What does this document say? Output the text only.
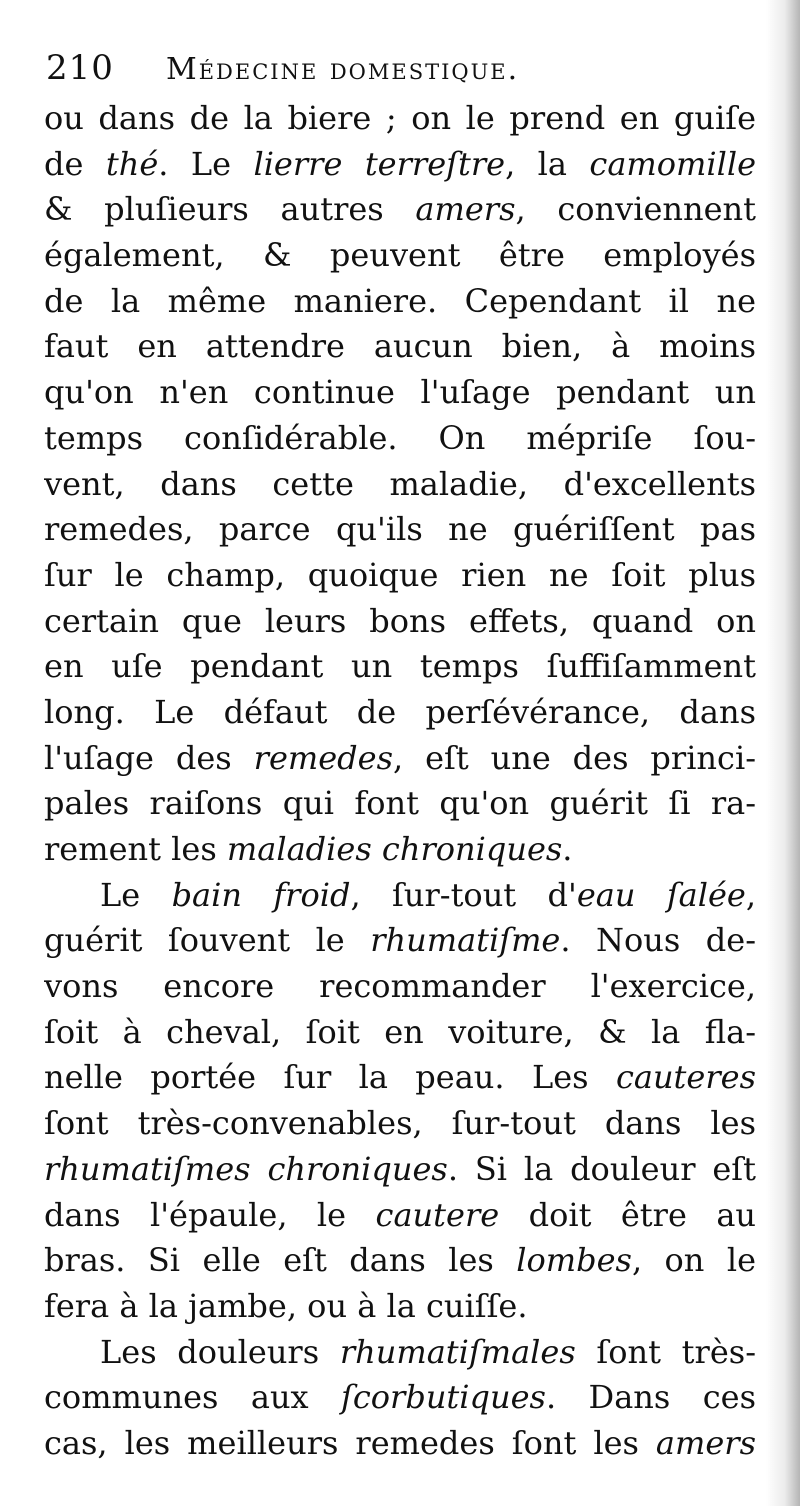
210	Médecine domestique.
ou dans de la biere ; on le prend en guiſe
de thé. Le lierre terreſtre, la camomille
& pluſieurs autres amers, conviennent
également, & peuvent être employés
de la même maniere. Cependant il ne
faut en attendre aucun bien, à moins
qu'on n'en continue l'uſage pendant un
temps conſidérable. On mépriſe ſou-
vent, dans cette maladie, d'excellents
remedes, parce qu'ils ne guériſſent pas
ſur le champ, quoique rien ne ſoit plus
certain que leurs bons effets, quand on
en uſe pendant un temps ſuffiſamment
long. Le défaut de perſévérance, dans
l'uſage des remedes, eſt une des princi-
pales raiſons qui font qu'on guérit ſi ra-
rement les maladies chroniques.
Le bain froid, ſur-tout d'eau ſalée,
guérit ſouvent le rhumatiſme. Nous de-
vons encore recommander l'exercice,
ſoit à cheval, ſoit en voiture, & la fla-
nelle portée ſur la peau. Les cauteres
ſont très-convenables, ſur-tout dans les
rhumatiſmes chroniques. Si la douleur eſt
dans l'épaule, le cautere doit être au
bras. Si elle eſt dans les lombes, on le
fera à la jambe, ou à la cuiſſe.
Les douleurs rhumatiſmales ſont très-
communes aux ſcorbutiques. Dans ces
cas, les meilleurs remedes ſont les amers
